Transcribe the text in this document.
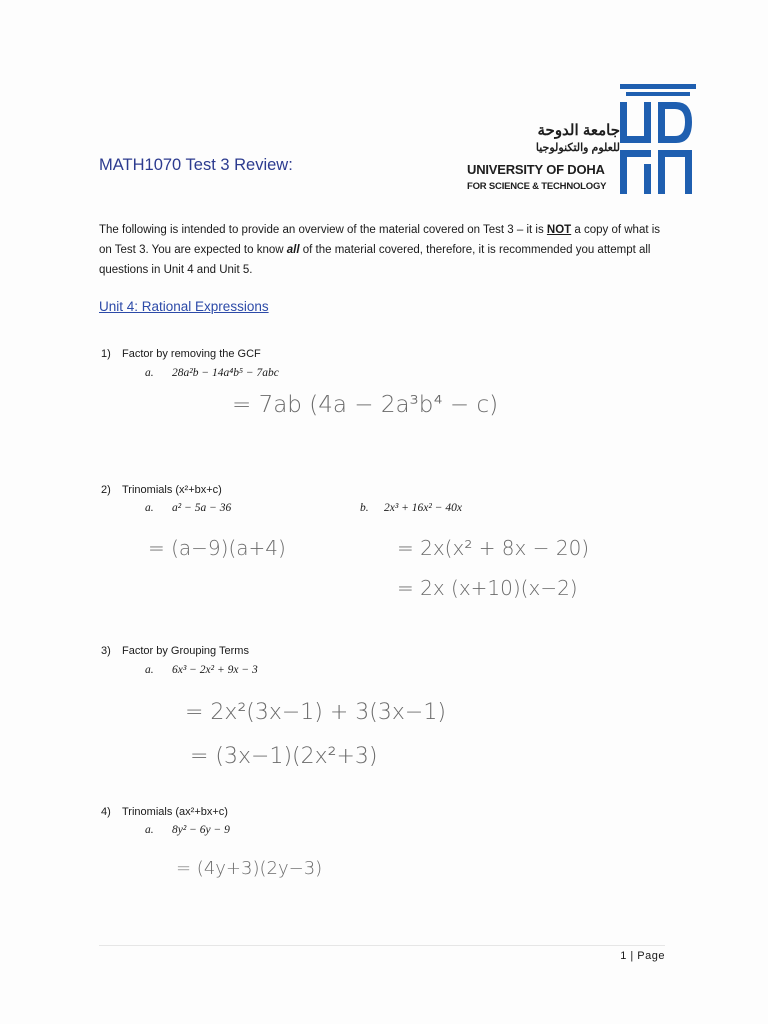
MATH1070 Test 3 Review:
جامعة الدوحة
للعلوم والتكنولوجيا
UNIVERSITY OF DOHA
FOR SCIENCE & TECHNOLOGY
The following is intended to provide an overview of the material covered on Test 3 – it is NOT a copy of what is on Test 3. You are expected to know all of the material covered, therefore, it is recommended you attempt all questions in Unit 4 and Unit 5.
Unit 4: Rational Expressions
1) Factor by removing the GCF
a. 28a²b − 14a⁴b⁵ − 7abc
= 7ab (4a − 2a³b⁴ − c)
2) Trinomials (x²+bx+c)
a. a² − 5a − 36
= (a−9)(a+4)
b. 2x³ + 16x² − 40x
= 2x(x² + 8x − 20)
= 2x (x+10)(x−2)
3) Factor by Grouping Terms
a. 6x³ − 2x² + 9x − 3
= 2x²(3x−1) + 3(3x−1)
= (3x−1)(2x²+3)
4) Trinomials (ax²+bx+c)
a. 8y² − 6y − 9
= (4y+3)(2y−3)
1 | Page
